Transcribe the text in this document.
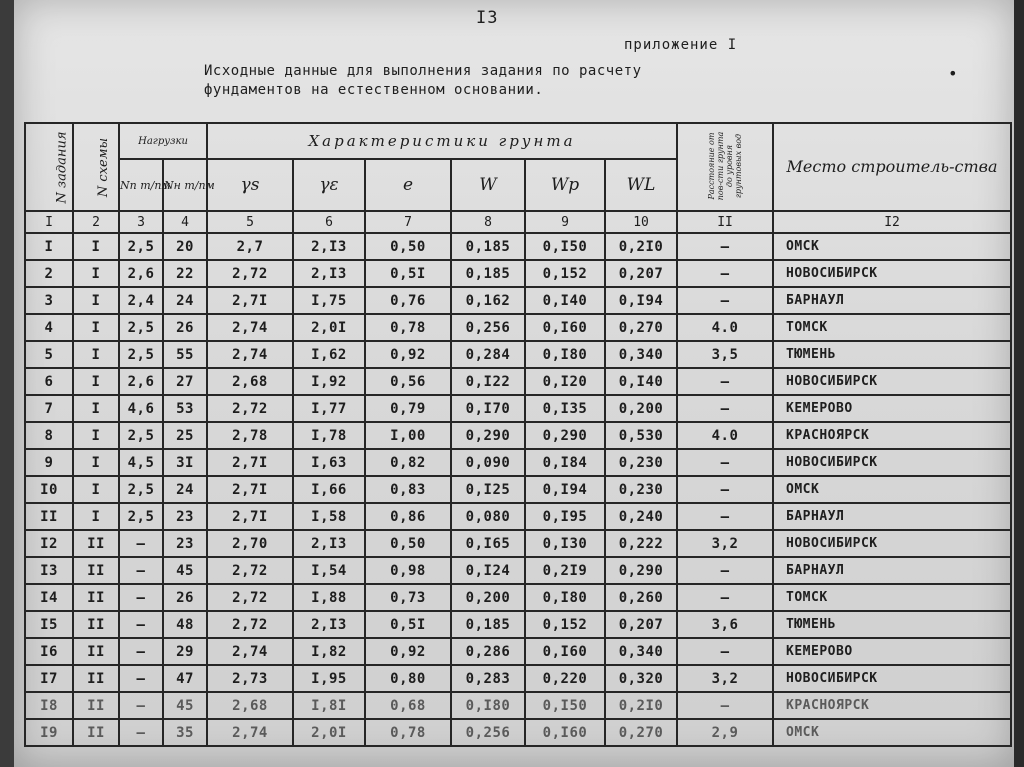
I3
приложение I
Исходные данные для выполнения задания по расчету
фундаментов на естественном основании.
•
N задания	N схемы	Нагрузки		Характеристики грунта						Расстояние от пов-сти грунта до уровня грунтовых вод	Место строитель-ства
		Nп т/пм	Nн т/пм	γs	γε	e	W	Wp	WL		
I	2	3	4	5	6	7	8	9	10	II	I2
I	I	2,5	20	2,7	2,I3	0,50	0,185	0,I50	0,2I0	–	ОМСК
2	I	2,6	22	2,72	2,I3	0,5I	0,185	0,152	0,207	–	НОВОСИБИРСК
3	I	2,4	24	2,7I	I,75	0,76	0,162	0,I40	0,I94	–	БАРНАУЛ
4	I	2,5	26	2,74	2,0I	0,78	0,256	0,I60	0,270	4.0	ТОМСК
5	I	2,5	55	2,74	I,62	0,92	0,284	0,I80	0,340	3,5	ТЮМЕНЬ
6	I	2,6	27	2,68	I,92	0,56	0,I22	0,I20	0,I40	–	НОВОСИБИРСК
7	I	4,6	53	2,72	I,77	0,79	0,I70	0,I35	0,200	–	КЕМЕРОВО
8	I	2,5	25	2,78	I,78	I,00	0,290	0,290	0,530	4.0	КРАСНОЯРСК
9	I	4,5	3I	2,7I	I,63	0,82	0,090	0,I84	0,230	–	НОВОСИБИРСК
I0	I	2,5	24	2,7I	I,66	0,83	0,I25	0,I94	0,230	–	ОМСК
II	I	2,5	23	2,7I	I,58	0,86	0,080	0,I95	0,240	–	БАРНАУЛ
I2	II	–	23	2,70	2,I3	0,50	0,I65	0,I30	0,222	3,2	НОВОСИБИРСК
I3	II	–	45	2,72	I,54	0,98	0,I24	0,2I9	0,290	–	БАРНАУЛ
I4	II	–	26	2,72	I,88	0,73	0,200	0,I80	0,260	–	ТОМСК
I5	II	–	48	2,72	2,I3	0,5I	0,185	0,152	0,207	3,6	ТЮМЕНЬ
I6	II	–	29	2,74	I,82	0,92	0,286	0,I60	0,340	–	КЕМЕРОВО
I7	II	–	47	2,73	I,95	0,80	0,283	0,220	0,320	3,2	НОВОСИБИРСК
I8	II	–	45	2,68	I,8I	0,68	0,I80	0,I50	0,2I0	–	КРАСНОЯРСК
I9	II	–	35	2,74	2,0I	0,78	0,256	0,I60	0,270	2,9	ОМСК
